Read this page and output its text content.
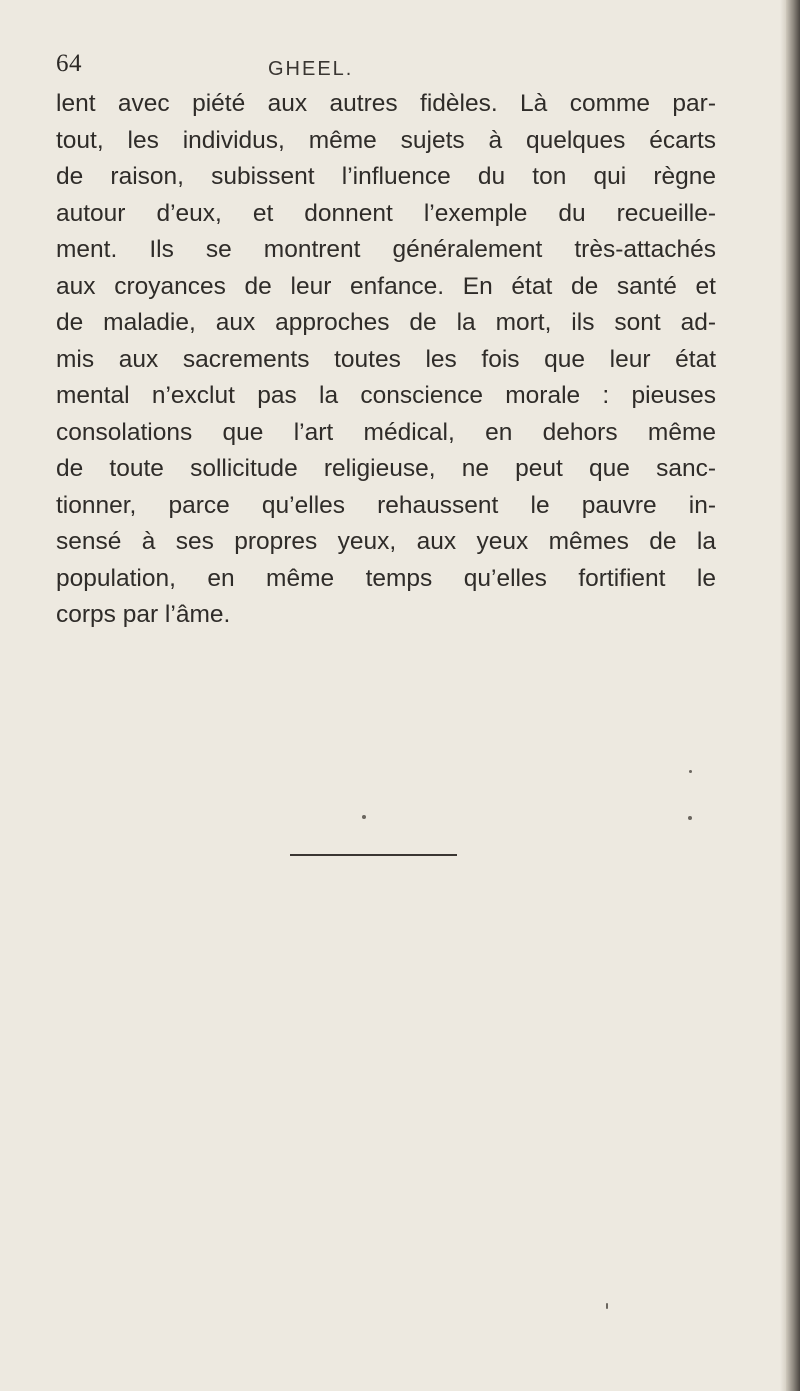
64	GHEEL.

lent avec piété aux autres fidèles. Là comme par-
tout, les individus, même sujets à quelques écarts
de raison, subissent l’influence du ton qui règne
autour d’eux, et donnent l’exemple du recueille-
ment. Ils se montrent généralement très-attachés
aux croyances de leur enfance. En état de santé et
de maladie, aux approches de la mort, ils sont ad-
mis aux sacrements toutes les fois que leur état
mental n’exclut pas la conscience morale : pieuses
consolations que l’art médical, en dehors même
de toute sollicitude religieuse, ne peut que sanc-
tionner, parce qu’elles rehaussent le pauvre in-
sensé à ses propres yeux, aux yeux mêmes de la
population, en même temps qu’elles fortifient le
corps par l’âme.
